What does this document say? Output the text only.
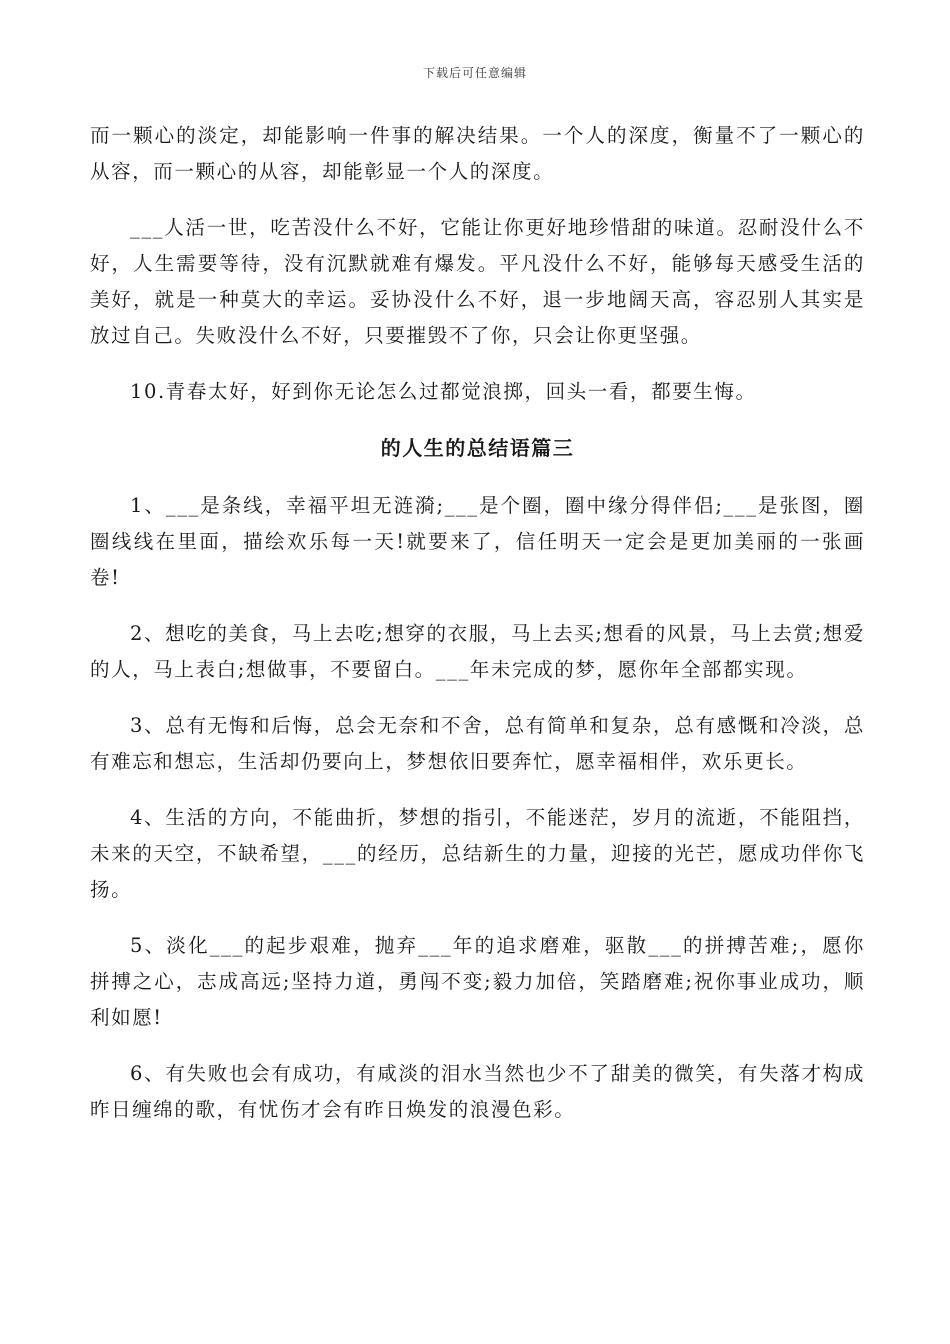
下载后可任意编辑

而一颗心的淡定，却能影响一件事的解决结果。一个人的深度，衡量不了一颗心的从容，而一颗心的从容，却能彰显一个人的深度。

___人活一世，吃苦没什么不好，它能让你更好地珍惜甜的味道。忍耐没什么不好，人生需要等待，没有沉默就难有爆发。平凡没什么不好，能够每天感受生活的美好，就是一种莫大的幸运。妥协没什么不好，退一步地阔天高，容忍别人其实是放过自己。失败没什么不好，只要摧毁不了你，只会让你更坚强。

10.青春太好，好到你无论怎么过都觉浪掷，回头一看，都要生悔。

的人生的总结语篇三

1、___是条线，幸福平坦无涟漪;___是个圈，圈中缘分得伴侣;___是张图，圈圈线线在里面，描绘欢乐每一天!就要来了，信任明天一定会是更加美丽的一张画卷!

2、想吃的美食，马上去吃;想穿的衣服，马上去买;想看的风景，马上去赏;想爱的人，马上表白;想做事，不要留白。___年未完成的梦，愿你年全部都实现。

3、总有无悔和后悔，总会无奈和不舍，总有简单和复杂，总有感慨和冷淡，总有难忘和想忘，生活却仍要向上，梦想依旧要奔忙，愿幸福相伴，欢乐更长。

4、生活的方向，不能曲折，梦想的指引，不能迷茫，岁月的流逝，不能阻挡，未来的天空，不缺希望，___的经历，总结新生的力量，迎接的光芒，愿成功伴你飞扬。

5、淡化___的起步艰难，抛弃___年的追求磨难，驱散___的拼搏苦难;，愿你拼搏之心，志成高远;坚持力道，勇闯不变;毅力加倍，笑踏磨难;祝你事业成功，顺利如愿!

6、有失败也会有成功，有咸淡的泪水当然也少不了甜美的微笑，有失落才构成昨日缠绵的歌，有忧伤才会有昨日焕发的浪漫色彩。
